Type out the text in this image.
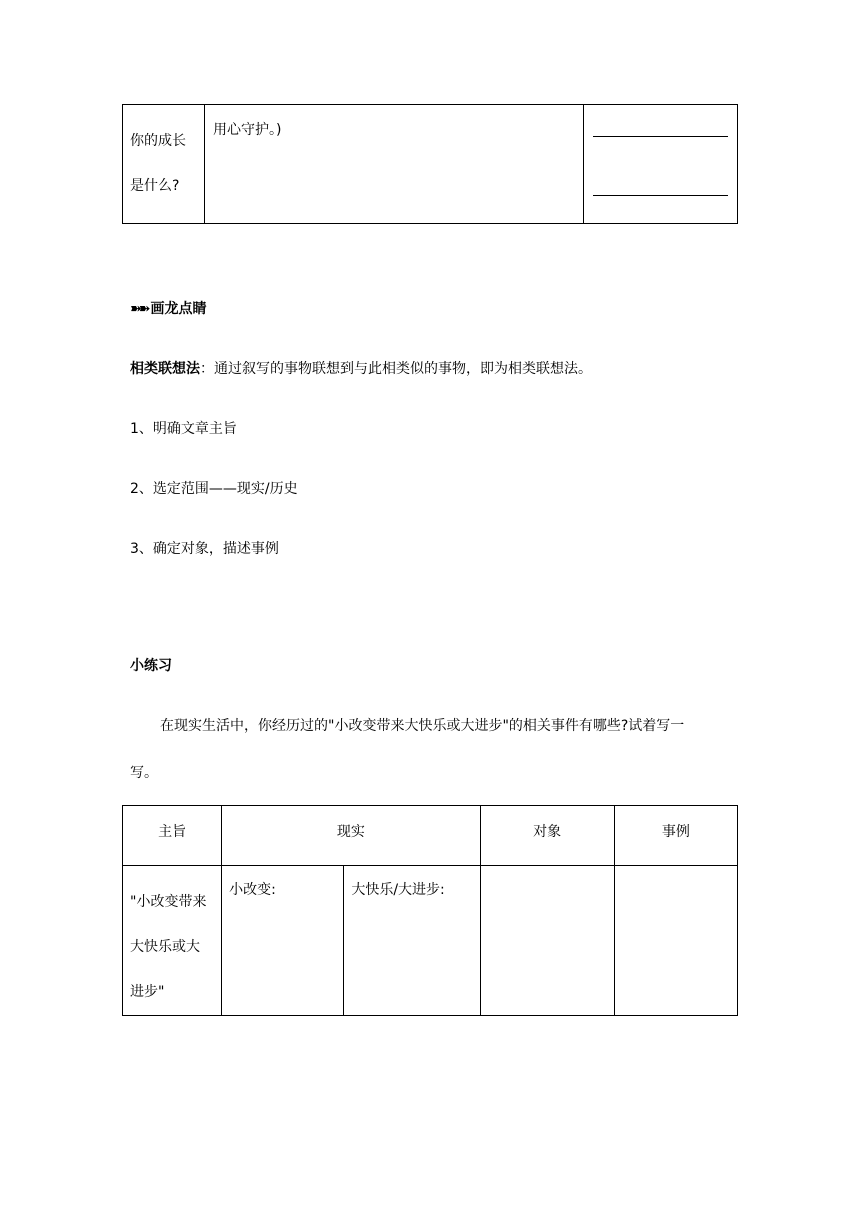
你的成长
是什么?

用心守护。)

➽➽ 画龙点睛
相类联想法：通过叙写的事物联想到与此相类似的事物，即为相类联想法。
1、明确文章主旨
2、选定范围——现实/历史
3、确定对象，描述事例
小练习
在现实生活中，你经历过的"小改变带来大快乐或大进步"的相关事件有哪些?试着写一
写。
主旨	现实		对象	事例

"小改变带来
大快乐或大
进步"	小改变:	大快乐/大进步:		
